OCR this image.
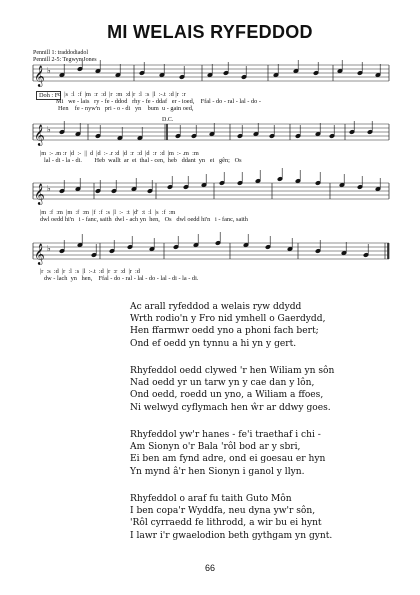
MI WELAIS RYFEDDOD
Pennill 1: traddodiadol
Pennill 2-5: Tegwyn Jones
𝄞
𝄞
𝄞
𝄞
♭
♭
♭
♭
D.C.
Doh : F d  |s  :l  :f  |m  :r  :d  |r  :m  :d |r  :l  :s  |l  :-.t  :d |r  :r
Mi   we - lais   ry - fe - ddod   rhy - fe - ddaf   er - ioed,    Ffal - do - ral - lal - do -
Hen    fe - nyw'n   pri - o - di   yn    bum  u - gain oed,
|m  :- .m :r  |d  :-  ||  d  |d  :- .r :d  |d  :r  :d  |d  :r  :d  |m  :- .m  :m
lal - di - la - di.        Heb  wallt  ar  ei  thal - cen,  heb   ddant  yn   ei   gên;   Os
|m  :f  :m  |m  :f  :m  |f  :f  :s  |l  :-  :t  |d'  :t  :l  |s  :f  :m
dwl oedd hi'n   i - fanc, saith  dwl - ach yn  hen,   Os   dwl oedd hi'n   i - fanc, saith
|r  :s  :d  |r  :l  :s  |l  :-.t  :d  |r  :r  :d  |r  :d
dw - lach  yn   hen,    Ffal - do - ral - lal - do - lal - di - la - di.
Ac arall ryfeddod a welais ryw ddydd
Wrth rodio'n y Fro nid ymhell o Gaerdydd,
Hen ffarmwr oedd yno a phoni fach bert;
Ond ef oedd yn tynnu a hi yn y gert.
Rhyfeddol oedd clywed 'r hen Wiliam yn sôn
Nad oedd yr un tarw yn y cae dan y lôn,
Ond oedd, roedd un yno, a Wiliam a ffoes,
Ni welwyd cyflymach hen ŵr ar ddwy goes.
Rhyfeddol yw'r hanes - fe'i traethaf i chi -
Am Sionyn o'r Bala 'rôl bod ar y sbri,
Ei ben am fynd adre, ond ei goesau er hyn
Yn mynd â'r hen Sionyn i ganol y llyn.
Rhyfeddol o araf fu taith Guto Môn
I ben copa'r Wyddfa, neu dyna yw'r sôn,
'Rôl cyrraedd fe lithrodd, a wir bu ei hynt
I lawr i'r gwaelodion beth gythgam yn gynt.
66
